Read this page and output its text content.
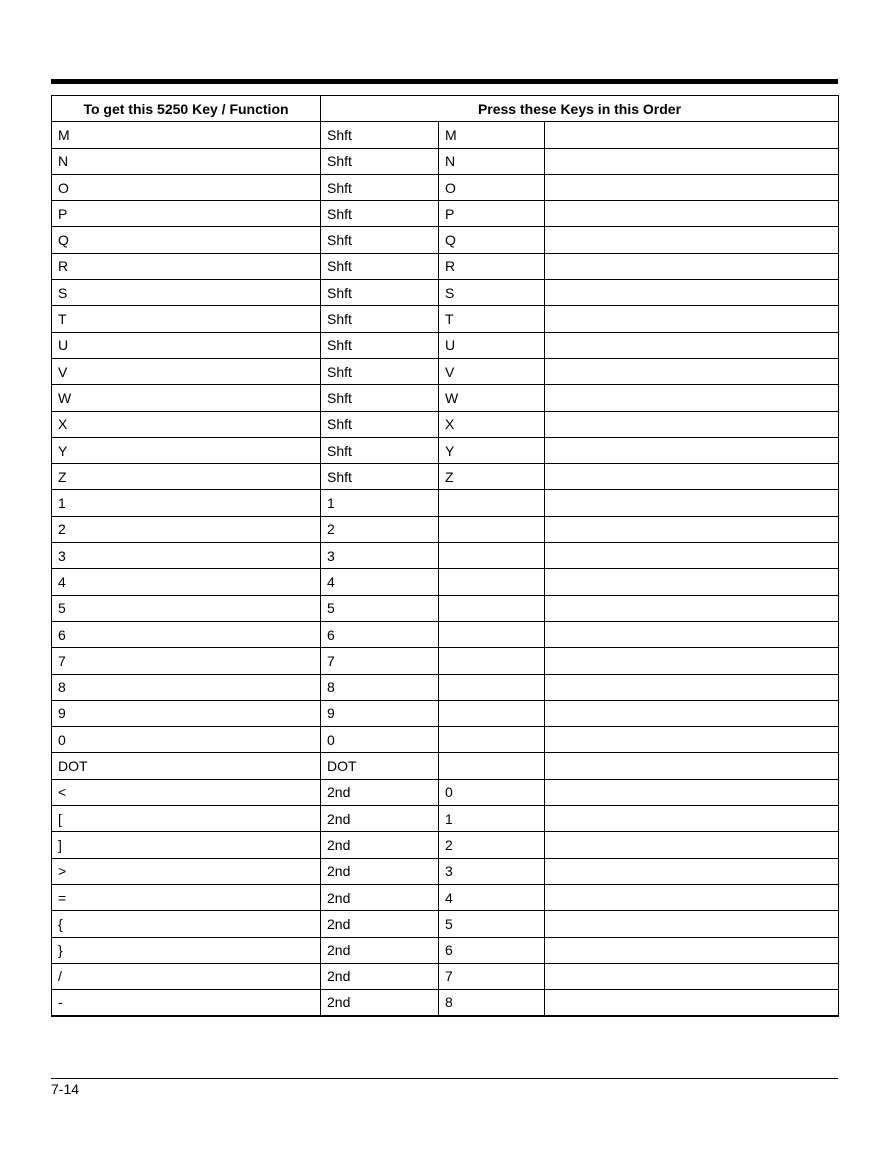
To get this 5250 Key / Function	Press these Keys in this Order		
M	Shft	M	
N	Shft	N	
O	Shft	O	
P	Shft	P	
Q	Shft	Q	
R	Shft	R	
S	Shft	S	
T	Shft	T	
U	Shft	U	
V	Shft	V	
W	Shft	W	
X	Shft	X	
Y	Shft	Y	
Z	Shft	Z	
1	1		
2	2		
3	3		
4	4		
5	5		
6	6		
7	7		
8	8		
9	9		
0	0		
DOT	DOT		
<	2nd	0	
[	2nd	1	
]	2nd	2	
>	2nd	3	
=	2nd	4	
{	2nd	5	
}	2nd	6	
/	2nd	7	
-	2nd	8	
7-14
